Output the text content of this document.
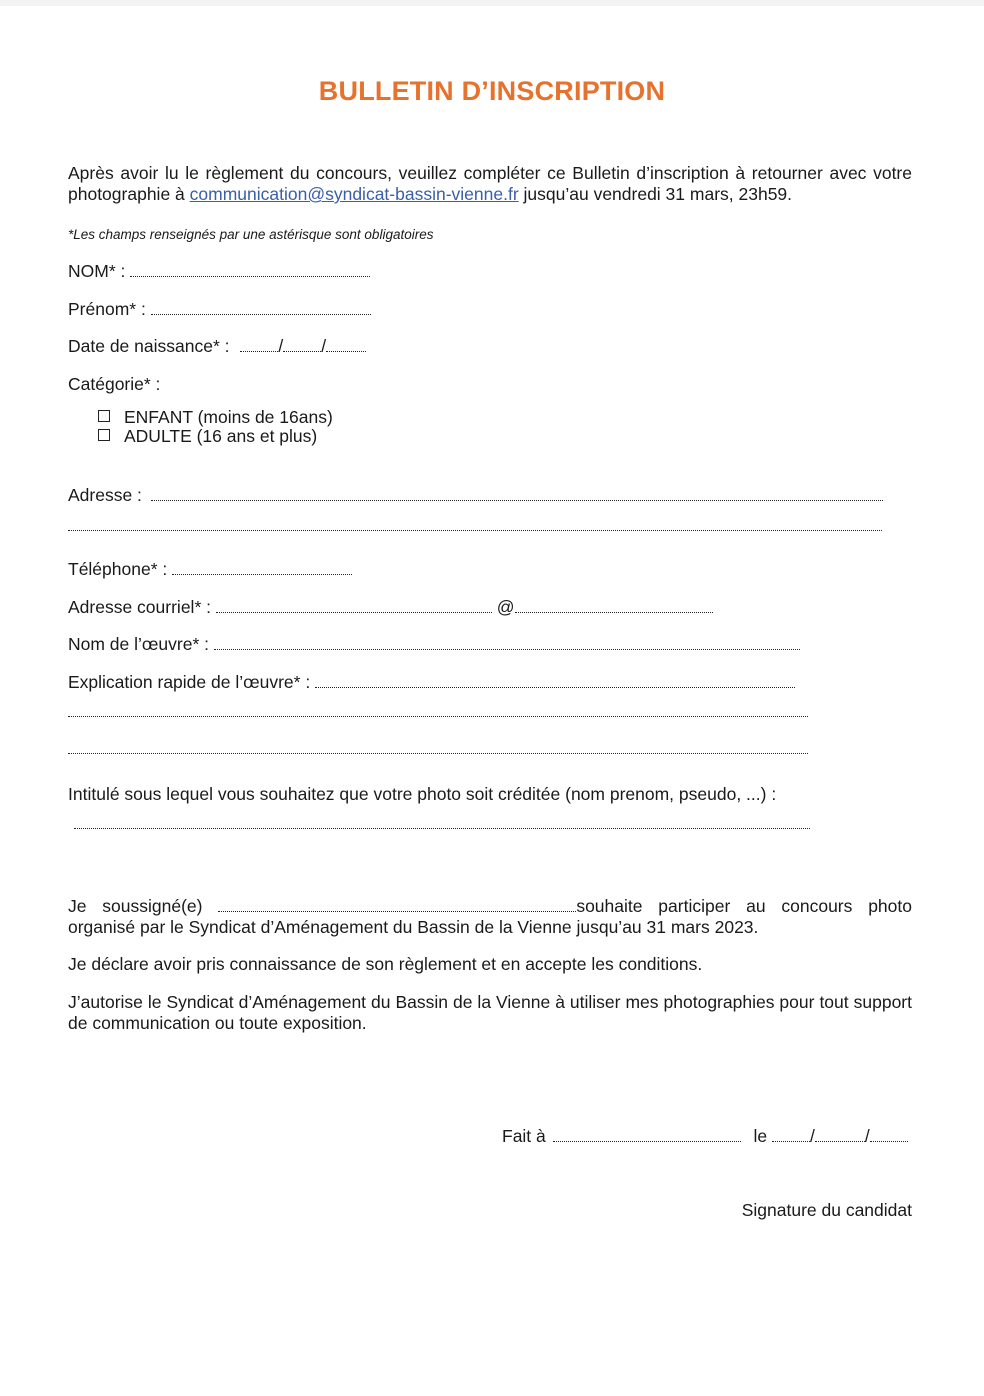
BULLETIN D’INSCRIPTION
Après avoir lu le règlement du concours, veuillez compléter ce Bulletin d’inscription à retourner avec votre photographie à communication@syndicat-bassin-vienne.fr jusqu’au vendredi 31 mars, 23h59.
*Les champs renseignés par une astérisque sont obligatoires
NOM* :
Prénom* :
Date de naissance* :	/ /
Catégorie* :
ENFANT (moins de 16ans)
ADULTE (16 ans et plus)
Adresse :
Téléphone* :
Adresse courriel* :	@
Nom de l’œuvre* :
Explication rapide de l’œuvre* :
Intitulé sous lequel vous souhaitez que votre photo soit créditée (nom prenom, pseudo, ...) :
Je soussigné(e)	souhaite participer au concours photo organisé par le Syndicat d’Aménagement du Bassin de la Vienne jusqu’au 31 mars 2023.
Je déclare avoir pris connaissance de son règlement et en accepte les conditions.
J’autorise le Syndicat d’Aménagement du Bassin de la Vienne à utiliser mes photographies pour tout support de communication ou toute exposition.
Fait à	le /	/
Signature du candidat
